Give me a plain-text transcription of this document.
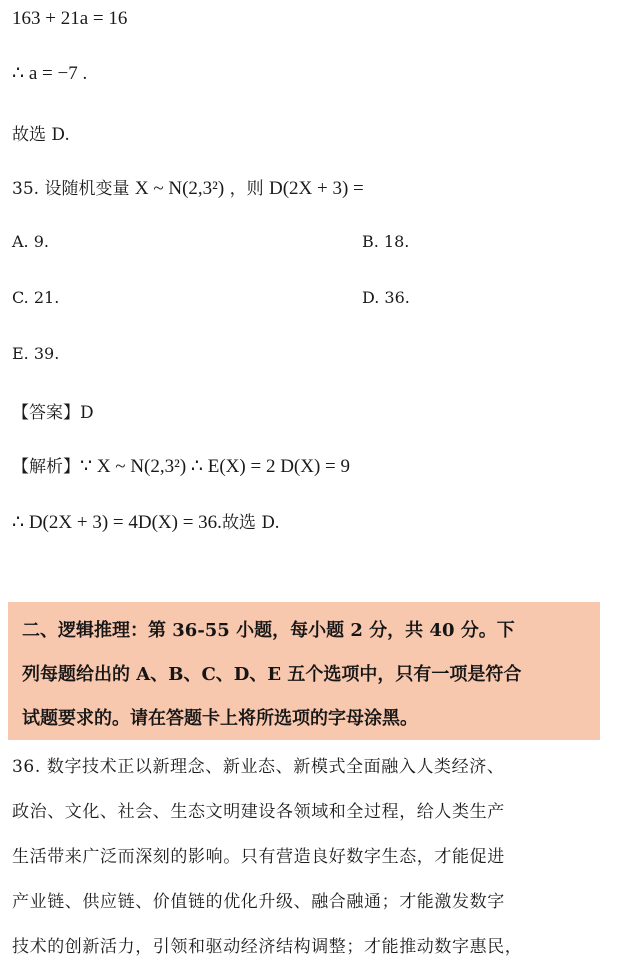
163 + 21a = 16
∴ a = −7 .
故选 D.
35. 设随机变量 X ~ N(2,3²) ，则 D(2X + 3) =
A. 9.	B. 18.
C. 21.	D. 36.
E. 39.
【答案】D
【解析】∵ X ~ N(2,3²) ∴ E(X) = 2 D(X) = 9
∴ D(2X + 3) = 4D(X) = 36.故选 D.
二、逻辑推理：第 36-55 小题，每小题 2 分，共 40 分。下
列每题给出的 A、B、C、D、E 五个选项中，只有一项是符合
试题要求的。请在答题卡上将所选项的字母涂黑。
36. 数字技术正以新理念、新业态、新模式全面融入人类经济、
政治、文化、社会、生态文明建设各领域和全过程，给人类生产
生活带来广泛而深刻的影响。只有营造良好数字生态，才能促进
产业链、供应链、价值链的优化升级、融合融通；才能激发数字
技术的创新活力，引领和驱动经济结构调整；才能推动数字惠民，
